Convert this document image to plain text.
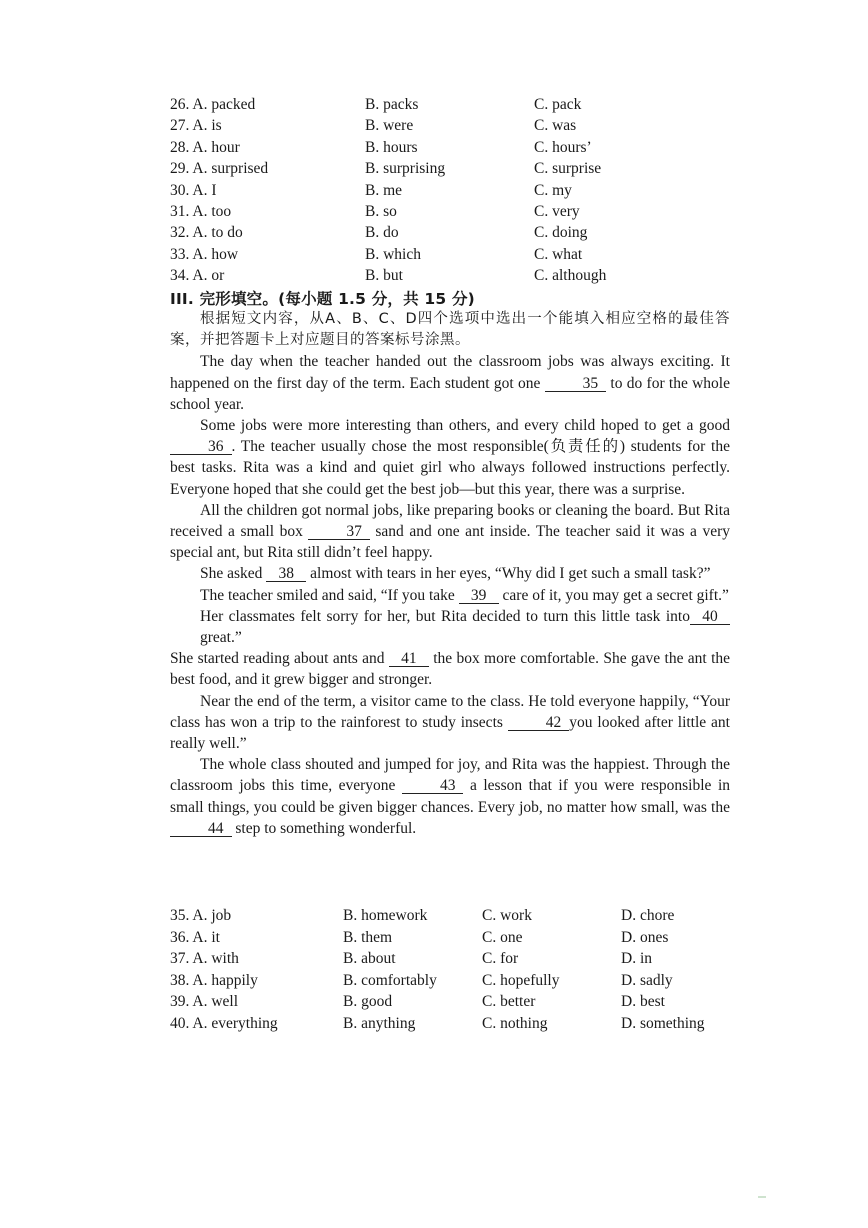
26. A. packed	B. packs	C. pack
27. A. is	B. were	C. was
28. A. hour	B. hours	C. hours’
29. A. surprised	B. surprising	C. surprise
30. A. I	B. me	C. my
31. A. too	B. so	C. very
32. A. to do	B. do	C. doing
33. A. how	B. which	C. what
34. A. or	B. but	C. although
III. 完形填空。(每小题 1.5 分，共 15 分)

根据短文内容，从A、B、C、D四个选项中选出一个能填入相应空格的最佳答案，并把答题卡上对应题目的答案标号涂黑。

The day when the teacher handed out the classroom jobs was always exciting. It happened on the first day of the term. Each student got one 35 to do for the whole school year.

Some jobs were more interesting than others, and every child hoped to get a good36 . The teacher usually chose the most responsible(负责任的) students for the best tasks. Rita was a kind and quiet girl who always followed instructions perfectly. Everyone hoped that she could get the best job—but this year, there was a surprise.

All the children got normal jobs, like preparing books or cleaning the board. But Rita received a small box 37 sand and one ant inside. The teacher said it was a very special ant, but Rita still didn’t feel happy.

She asked 38 almost with tears in her eyes, “Why did I get such a small task?”

The teacher smiled and said, “If you take 39 care of it, you may get a secret gift.”

Her classmates felt sorry for her, but Rita decided to turn this little task into 40 great.”

She started reading about ants and 41 the box more comfortable. She gave the ant the best food, and it grew bigger and stronger.

Near the end of the term, a visitor came to the class. He told everyone happily, “Your class has won a trip to the rainforest to study insects 42 you looked after little ant really well.”

The whole class shouted and jumped for joy, and Rita was the happiest. Through the classroom jobs this time, everyone 43 a lesson that if you were responsible in small things, you could be given bigger chances. Every job, no matter how small, was the 44 step to something wonderful.

35. A. job	B. homework	C. work	D. chore
36. A. it	B. them	C. one	D. ones
37. A. with	B. about	C. for	D. in
38. A. happily	B. comfortably	C. hopefully	D. sadly
39. A. well	B. good	C. better	D. best
40. A. everything	B. anything	C. nothing	D. something
